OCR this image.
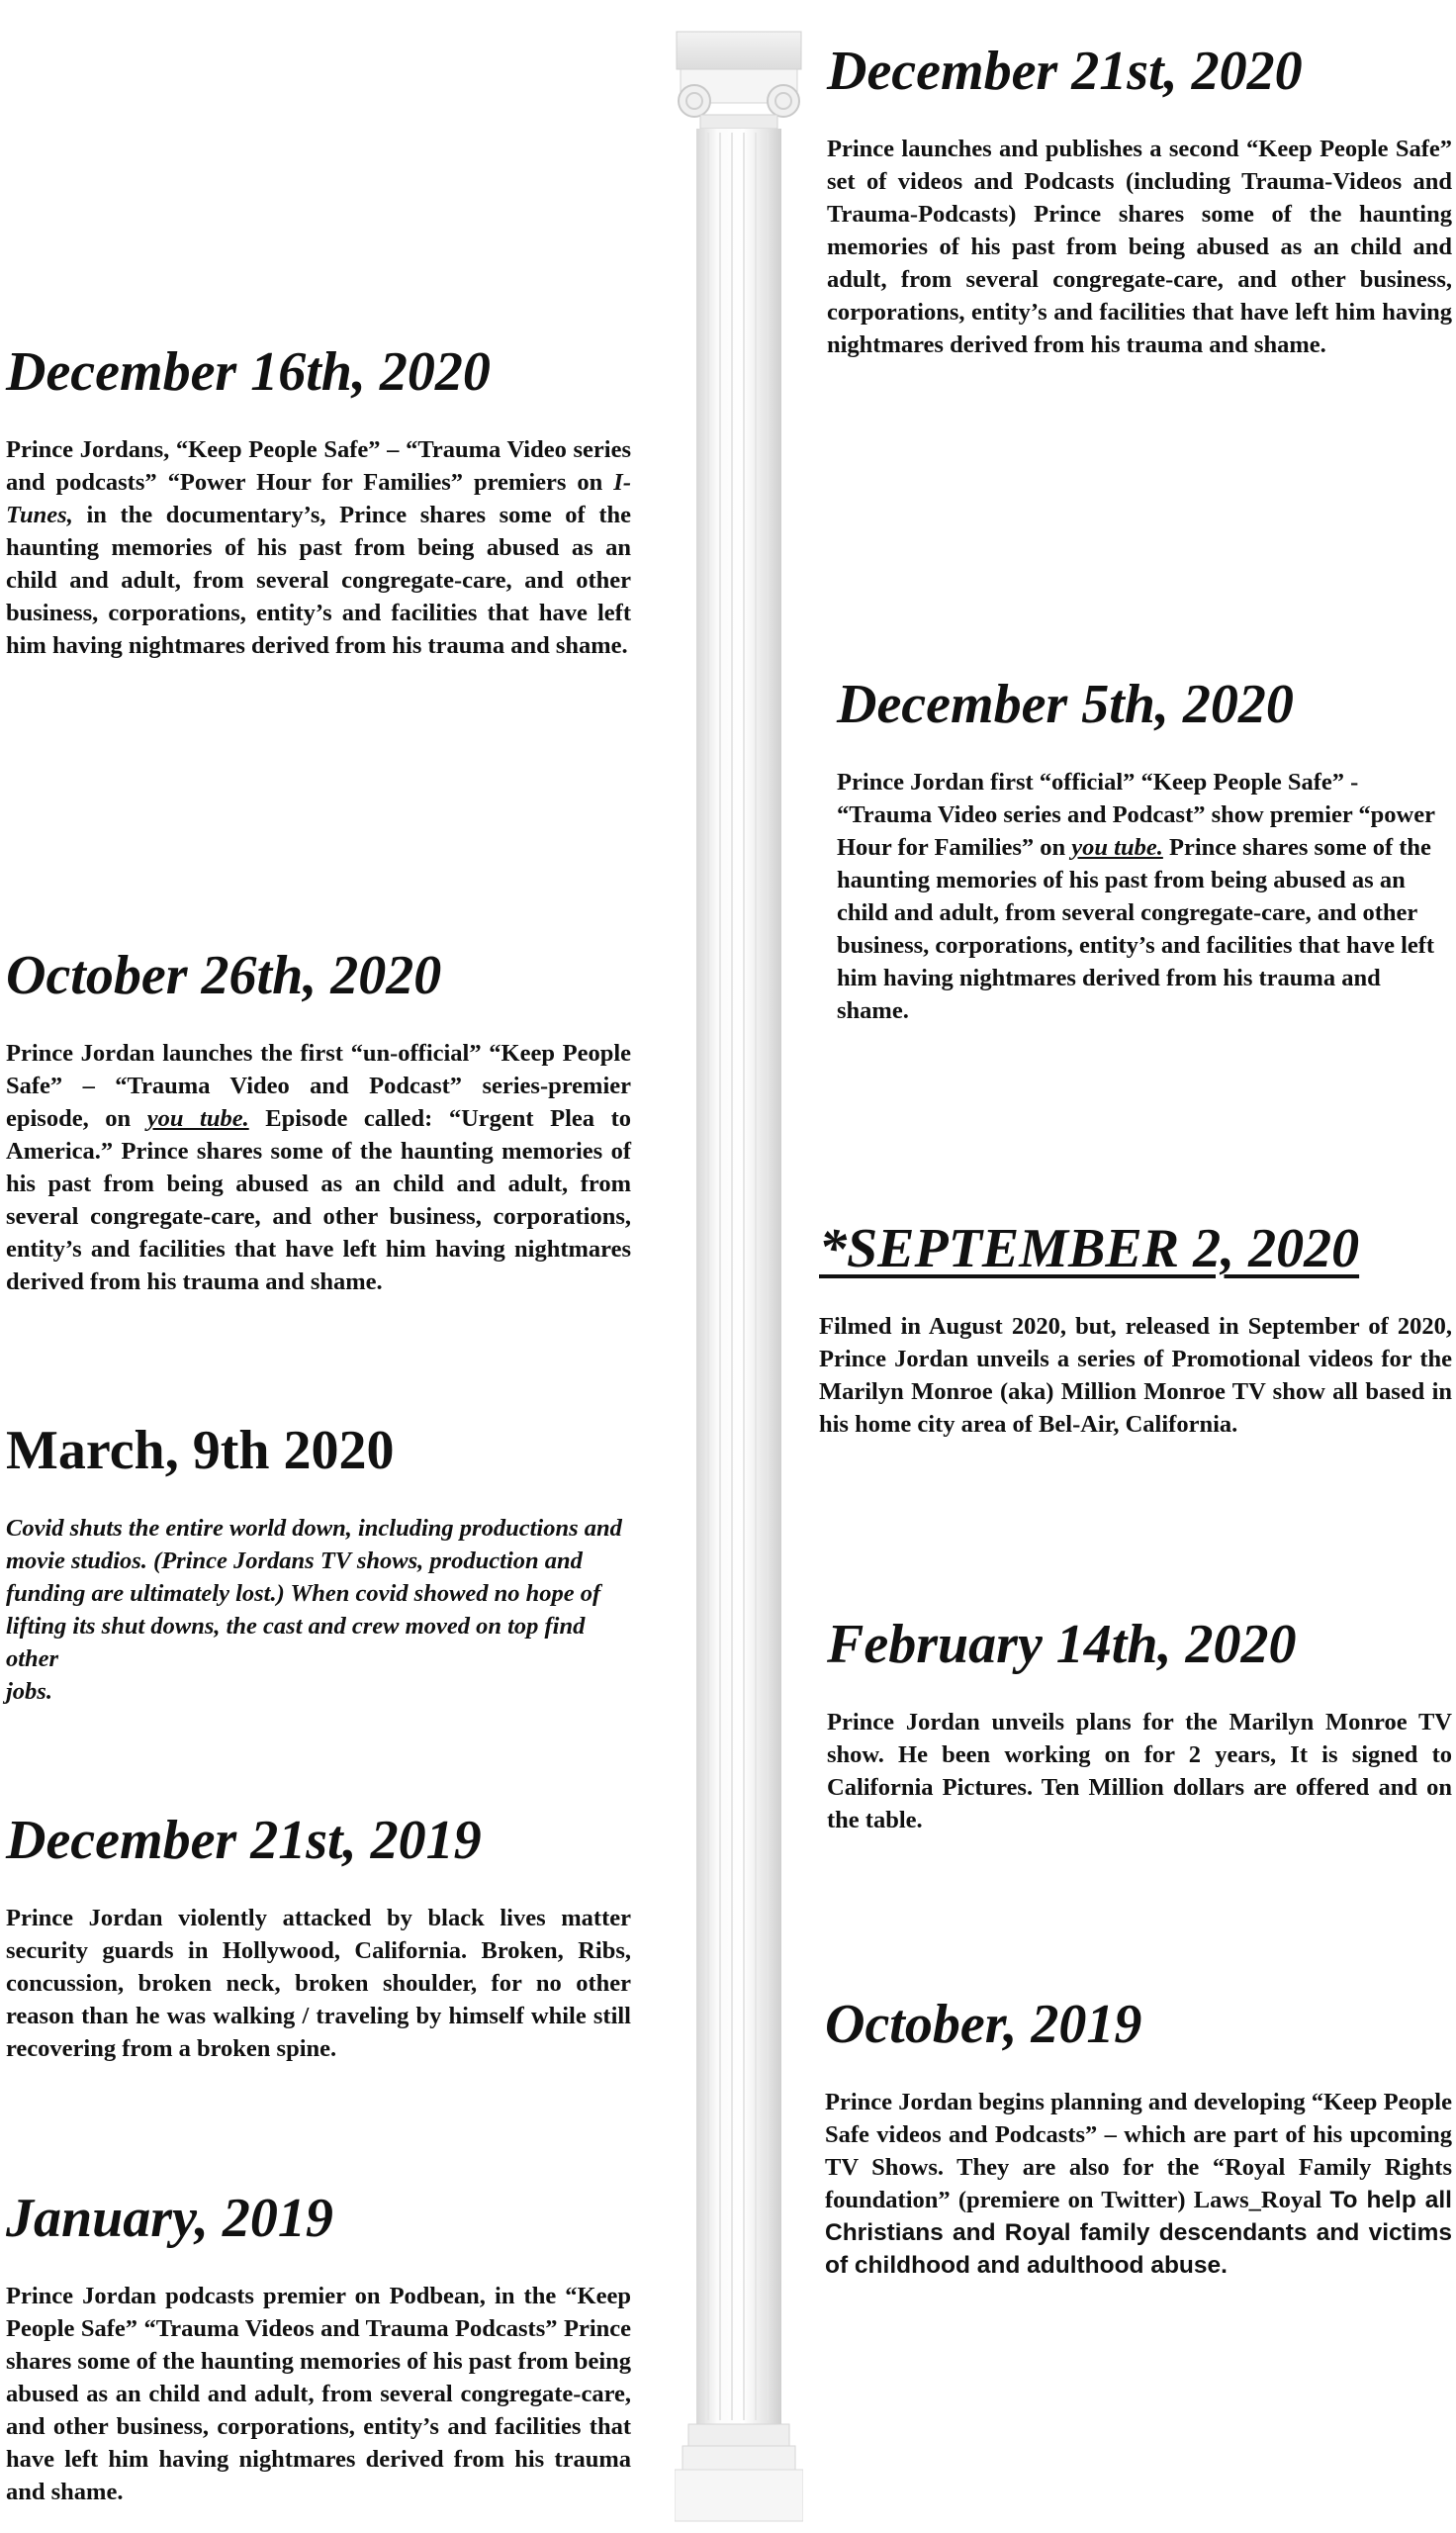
December 21st, 2020

Prince launches and publishes a second “Keep People Safe” set of videos and Podcasts (including Trauma-Videos and Trauma-Podcasts) Prince shares some of the haunting memories of his past from being abused as an child and adult, from several congregate-care, and other business, corporations, entity’s and facilities that have left him having nightmares derived from his trauma and shame.

December 5th, 2020

Prince Jordan first “official” “Keep People Safe” - “Trauma Video series and Podcast” show premier “power Hour for Families” on you tube. Prince shares some of the haunting memories of his past from being abused as an child and adult, from several congregate-care, and other business, corporations, entity’s and facilities that have left him having nightmares derived from his trauma and shame.

*SEPTEMBER 2, 2020

Filmed in August 2020, but, released in September of 2020, Prince Jordan unveils a series of Promotional videos for the Marilyn Monroe (aka) Million Monroe TV show all based in his home city area of Bel-Air, California.

February 14th, 2020

Prince Jordan unveils plans for the Marilyn Monroe TV show. He been working on for 2 years, It is signed to California Pictures. Ten Million dollars are offered and on the table.

October, 2019

Prince Jordan begins planning and developing “Keep People Safe videos and Podcasts” – which are part of his upcoming TV Shows. They are also for the “Royal Family Rights foundation” (premiere on Twitter) Laws_Royal To help all Christians and Royal family descendants and victims of childhood and adulthood abuse.

December 16th, 2020

Prince Jordans, “Keep People Safe” – “Trauma Video series and podcasts” “Power Hour for Families” premiers on I-Tunes, in the documentary’s, Prince shares some of the haunting memories of his past from being abused as an child and adult, from several congregate-care, and other business, corporations, entity’s and facilities that have left him having nightmares derived from his trauma and shame.

October 26th, 2020

Prince Jordan launches the first “un-official” “Keep People Safe” – “Trauma Video and Podcast” series-premier episode, on you tube. Episode called: “Urgent Plea to America.” Prince shares some of the haunting memories of his past from being abused as an child and adult, from several congregate-care, and other business, corporations, entity’s and facilities that have left him having nightmares derived from his trauma and shame.

March, 9th 2020

Covid shuts the entire world down, including productions and movie studios. (Prince Jordans TV shows, production and funding are ultimately lost.) When covid showed no hope of lifting its shut downs, the cast and crew moved on top find other
jobs.

December 21st, 2019

Prince Jordan violently attacked by black lives matter security guards in Hollywood, California. Broken, Ribs, concussion, broken neck, broken shoulder, for no other reason than he was walking / traveling by himself while still recovering from a broken spine.

January, 2019

Prince Jordan podcasts premier on Podbean, in the “Keep People Safe” “Trauma Videos and Trauma Podcasts” Prince shares some of the haunting memories of his past from being abused as an child and adult, from several congregate-care, and other business, corporations, entity’s and facilities that have left him having nightmares derived from his trauma and shame.
